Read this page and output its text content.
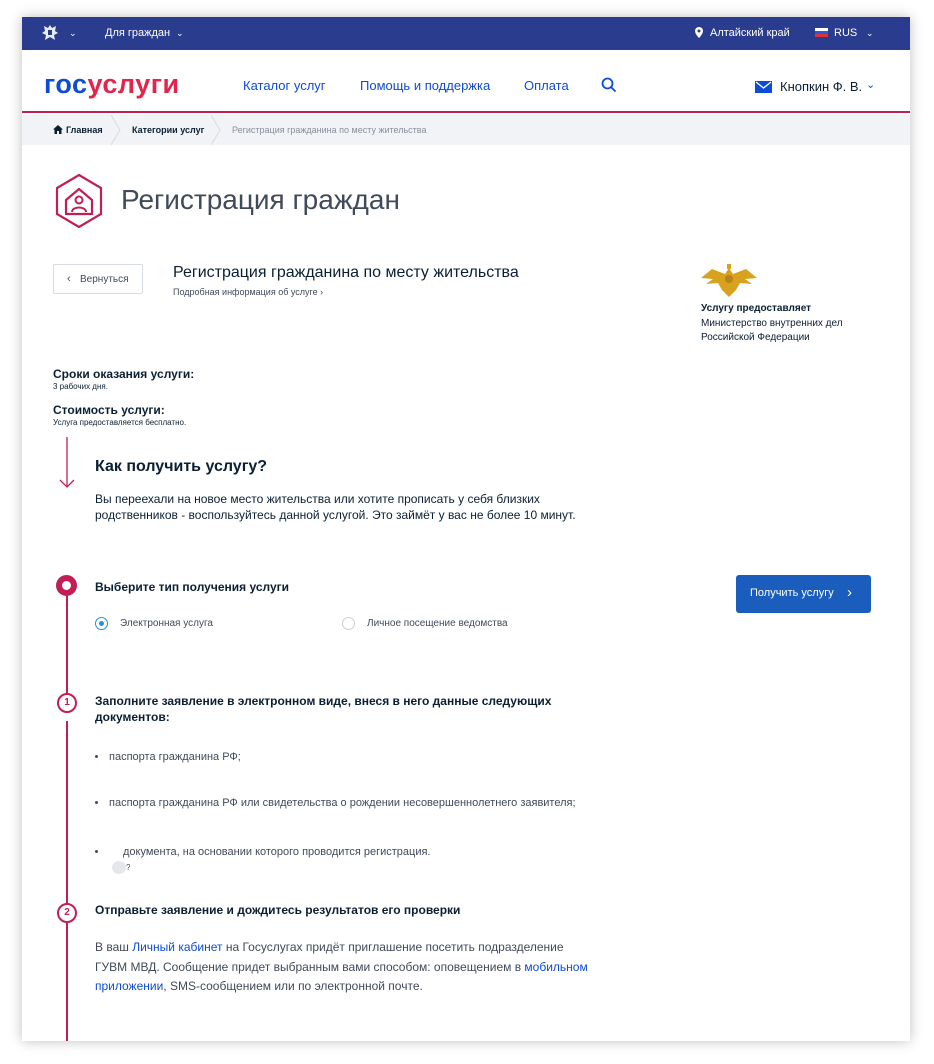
⌄	Для граждан ⌄	Алтайский край	RUS ⌄
госуслуги	Каталог услуг	Помощь и поддержка	Оплата	Кнопкин Ф. В. ⌄
Главная	Категории услуг	Регистрация гражданина по месту жительства
Регистрация граждан
‹ Вернуться	Регистрация гражданина по месту жительства
Подробная информация об услуге ›
Услугу предоставляет
Министерство внутренних дел Российской Федерации
Сроки оказания услуги:
3 рабочих дня.
Стоимость услуги:
Услуга предоставляется бесплатно.
Как получить услугу?
Вы переехали на новое место жительства или хотите прописать у себя близких родственников - воспользуйтесь данной услугой. Это займёт у вас не более 10 минут.
Выберите тип получения услуги
Электронная услуга	Личное посещение ведомства
Получить услугу ›
1	Заполните заявление в электронном виде, внеся в него данные следующих документов:
паспорта гражданина РФ;
паспорта гражданина РФ или свидетельства о рождении несовершеннолетнего заявителя;
документа, на основании которого проводится регистрация.
?
2	Отправьте заявление и дождитесь результатов его проверки
В ваш Личный кабинет на Госуслугах придёт приглашение посетить подразделение ГУВМ МВД. Сообщение придет выбранным вами способом: оповещением в мобильном приложении, SMS-сообщением или по электронной почте.
